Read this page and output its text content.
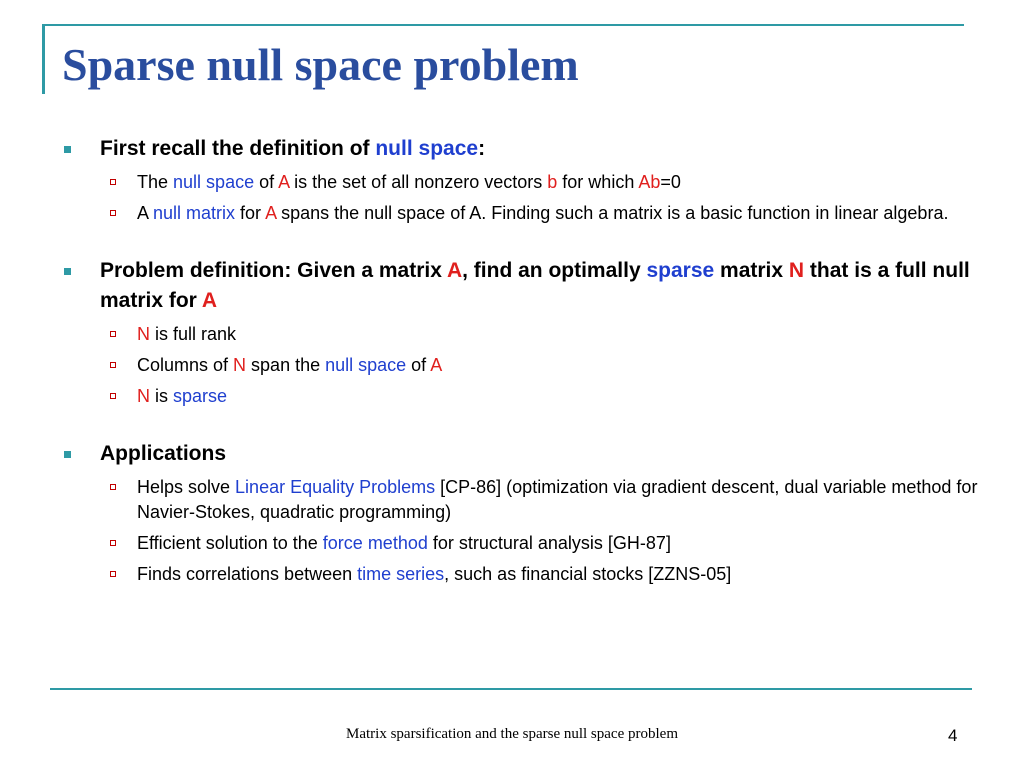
Sparse null space problem
First recall the definition of null space:
The null space of A is the set of all nonzero vectors b for which Ab=0
A null matrix for A spans the null space of A. Finding such a matrix is a basic function in linear algebra.
Problem definition: Given a matrix A, find an optimally sparse matrix N that is a full null matrix for A
N is full rank
Columns of N span the null space of A
N is sparse
Applications
Helps solve Linear Equality Problems [CP-86] (optimization via gradient descent, dual variable method for Navier-Stokes, quadratic programming)
Efficient solution to the force method for structural analysis [GH-87]
Finds correlations between time series, such as financial stocks [ZZNS-05]
Matrix sparsification and the sparse null space problem	4
